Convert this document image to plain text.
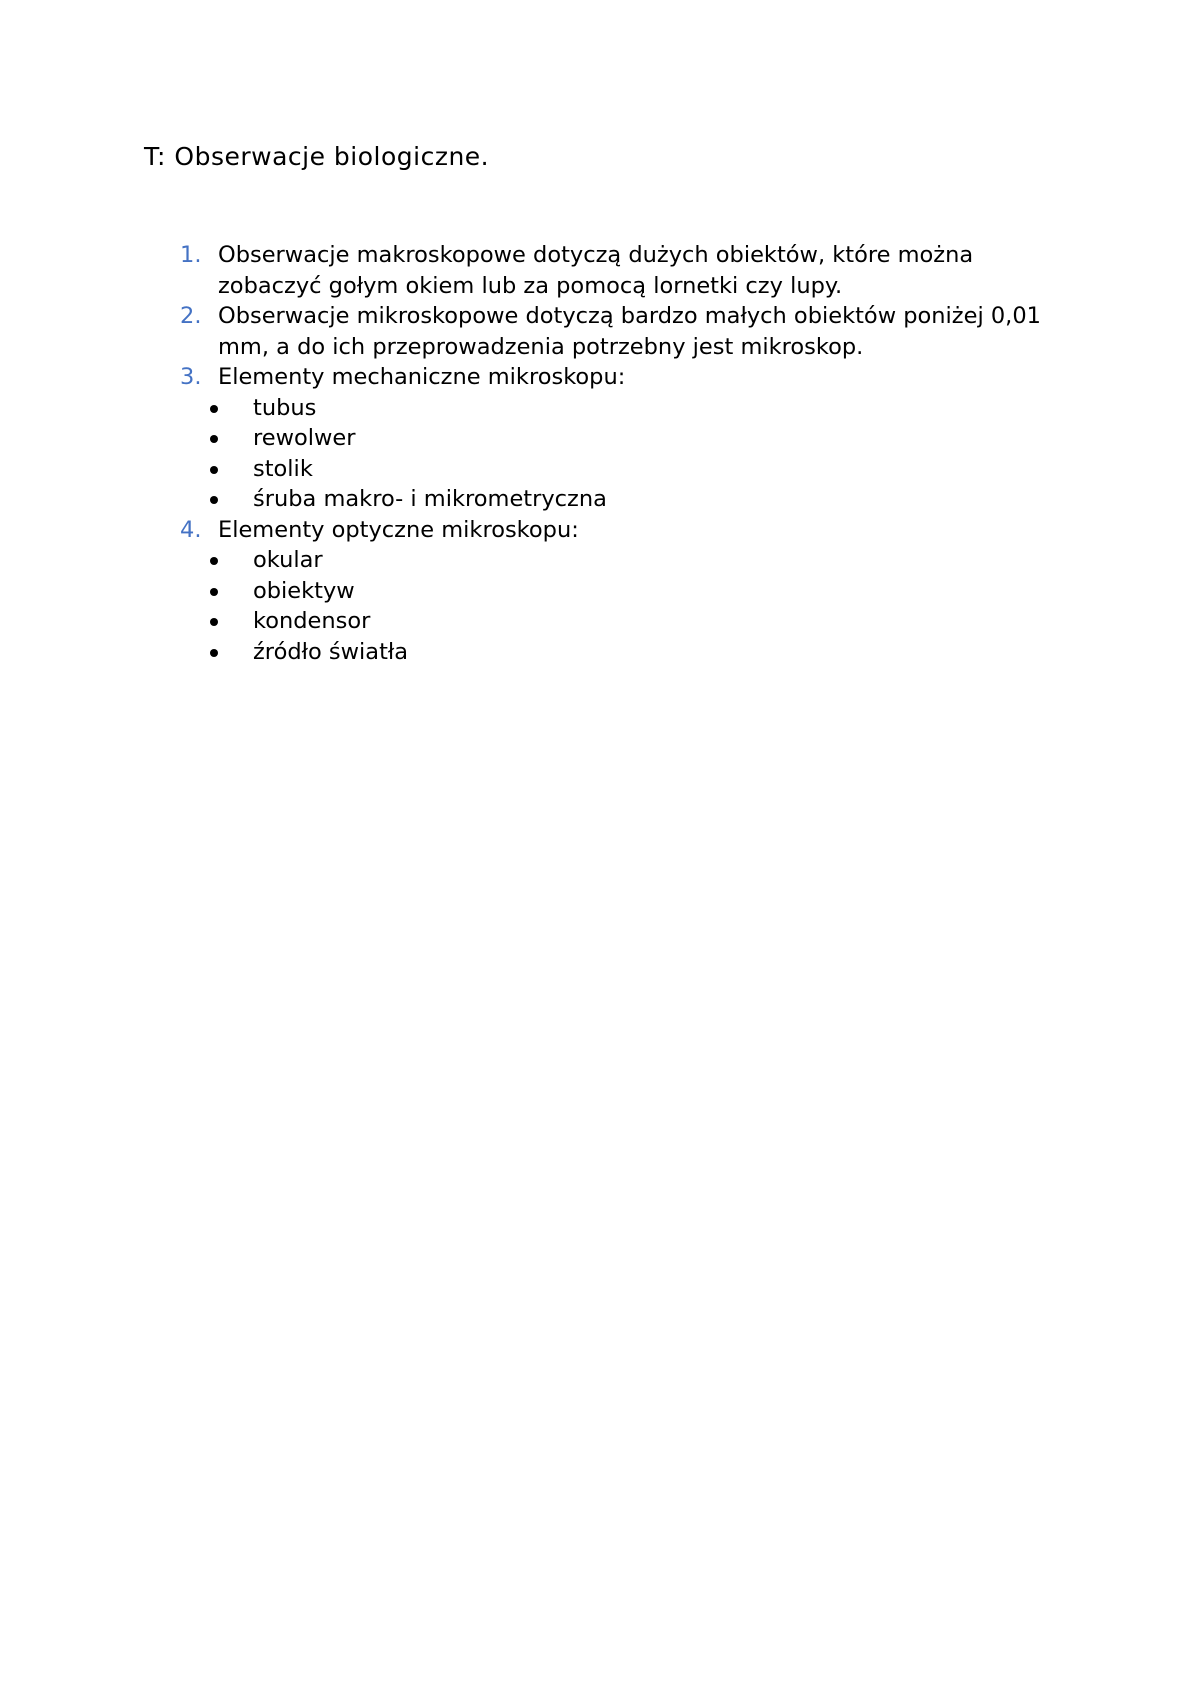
T: Obserwacje biologiczne.
1. Obserwacje makroskopowe dotyczą dużych obiektów, które można zobaczyć gołym okiem lub za pomocą lornetki czy lupy.
2. Obserwacje mikroskopowe dotyczą bardzo małych obiektów poniżej 0,01 mm, a do ich przeprowadzenia potrzebny jest mikroskop.
3. Elementy mechaniczne mikroskopu:
tubus
rewolwer
stolik
śruba makro- i mikrometryczna
4. Elementy optyczne mikroskopu:
okular
obiektyw
kondensor
źródło światła
